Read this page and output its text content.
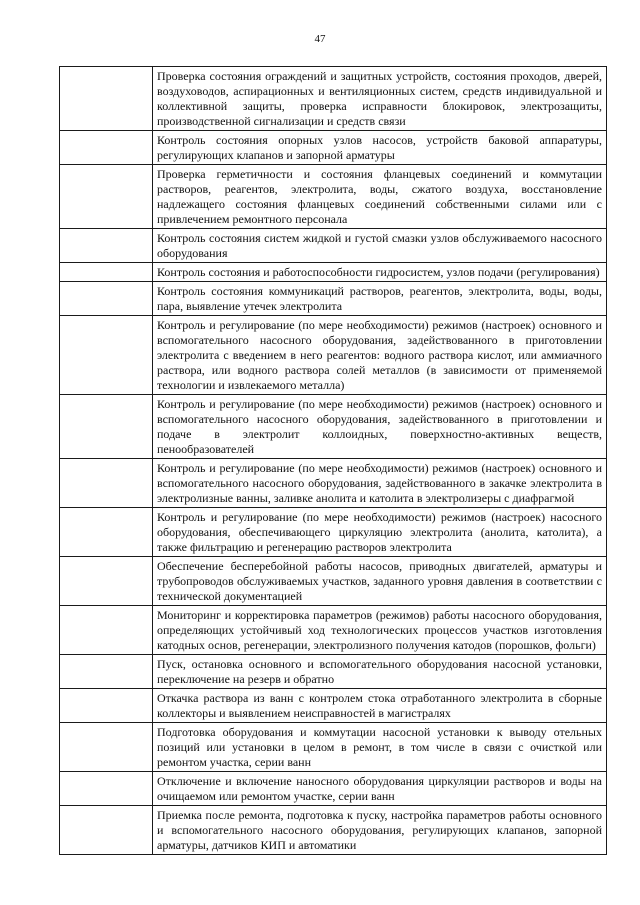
47
	Проверка состояния ограждений и защитных устройств, состояния проходов, дверей, воздуховодов, аспирационных и вентиляционных систем, средств индивидуальной и коллективной защиты, проверка исправности блокировок, электрозащиты, производственной сигнализации и средств связи
	Контроль состояния опорных узлов насосов, устройств баковой аппаратуры, регулирующих клапанов и запорной арматуры
	Проверка герметичности и состояния фланцевых соединений и коммутации растворов, реагентов, электролита, воды, сжатого воздуха, восстановление надлежащего состояния фланцевых соединений собственными силами или с привлечением ремонтного персонала
	Контроль состояния систем жидкой и густой смазки узлов обслуживаемого насосного оборудования
	Контроль состояния и работоспособности гидросистем, узлов подачи (регулирования)
	Контроль состояния коммуникаций растворов, реагентов, электролита, воды, воды, пара, выявление утечек электролита
	Контроль и регулирование (по мере необходимости) режимов (настроек) основного и вспомогательного насосного оборудования, задействованного в приготовлении электролита с введением в него реагентов: водного раствора кислот, или аммиачного раствора, или водного раствора солей металлов (в зависимости от применяемой технологии и извлекаемого металла)
	Контроль и регулирование (по мере необходимости) режимов (настроек) основного и вспомогательного насосного оборудования, задействованного в приготовлении и подаче в электролит коллоидных, поверхностно-активных веществ, пенообразователей
	Контроль и регулирование (по мере необходимости) режимов (настроек) основного и вспомогательного насосного оборудования, задействованного в закачке электролита в электролизные ванны, заливке анолита и католита в электролизеры с диафрагмой
	Контроль и регулирование (по мере необходимости) режимов (настроек) насосного оборудования, обеспечивающего циркуляцию электролита (анолита, католита), а также фильтрацию и регенерацию растворов электролита
	Обеспечение бесперебойной работы насосов, приводных двигателей, арматуры и трубопроводов обслуживаемых участков, заданного уровня давления в соответствии с технической документацией
	Мониторинг и корректировка параметров (режимов) работы насосного оборудования, определяющих устойчивый ход технологических процессов участков изготовления катодных основ, регенерации, электролизного получения катодов (порошков, фольги)
	Пуск, остановка основного и вспомогательного оборудования насосной установки, переключение на резерв и обратно
	Откачка раствора из ванн с контролем стока отработанного электролита в сборные коллекторы и выявлением неисправностей в магистралях
	Подготовка оборудования и коммутации насосной установки к выводу отельных позиций или установки в целом в ремонт, в том числе в связи с очисткой или ремонтом участка, серии ванн
	Отключение и включение наносного оборудования циркуляции растворов и воды на очищаемом или ремонтом участке, серии ванн
	Приемка после ремонта, подготовка к пуску, настройка параметров работы основного и вспомогательного насосного оборудования, регулирующих клапанов, запорной арматуры, датчиков КИП и автоматики
